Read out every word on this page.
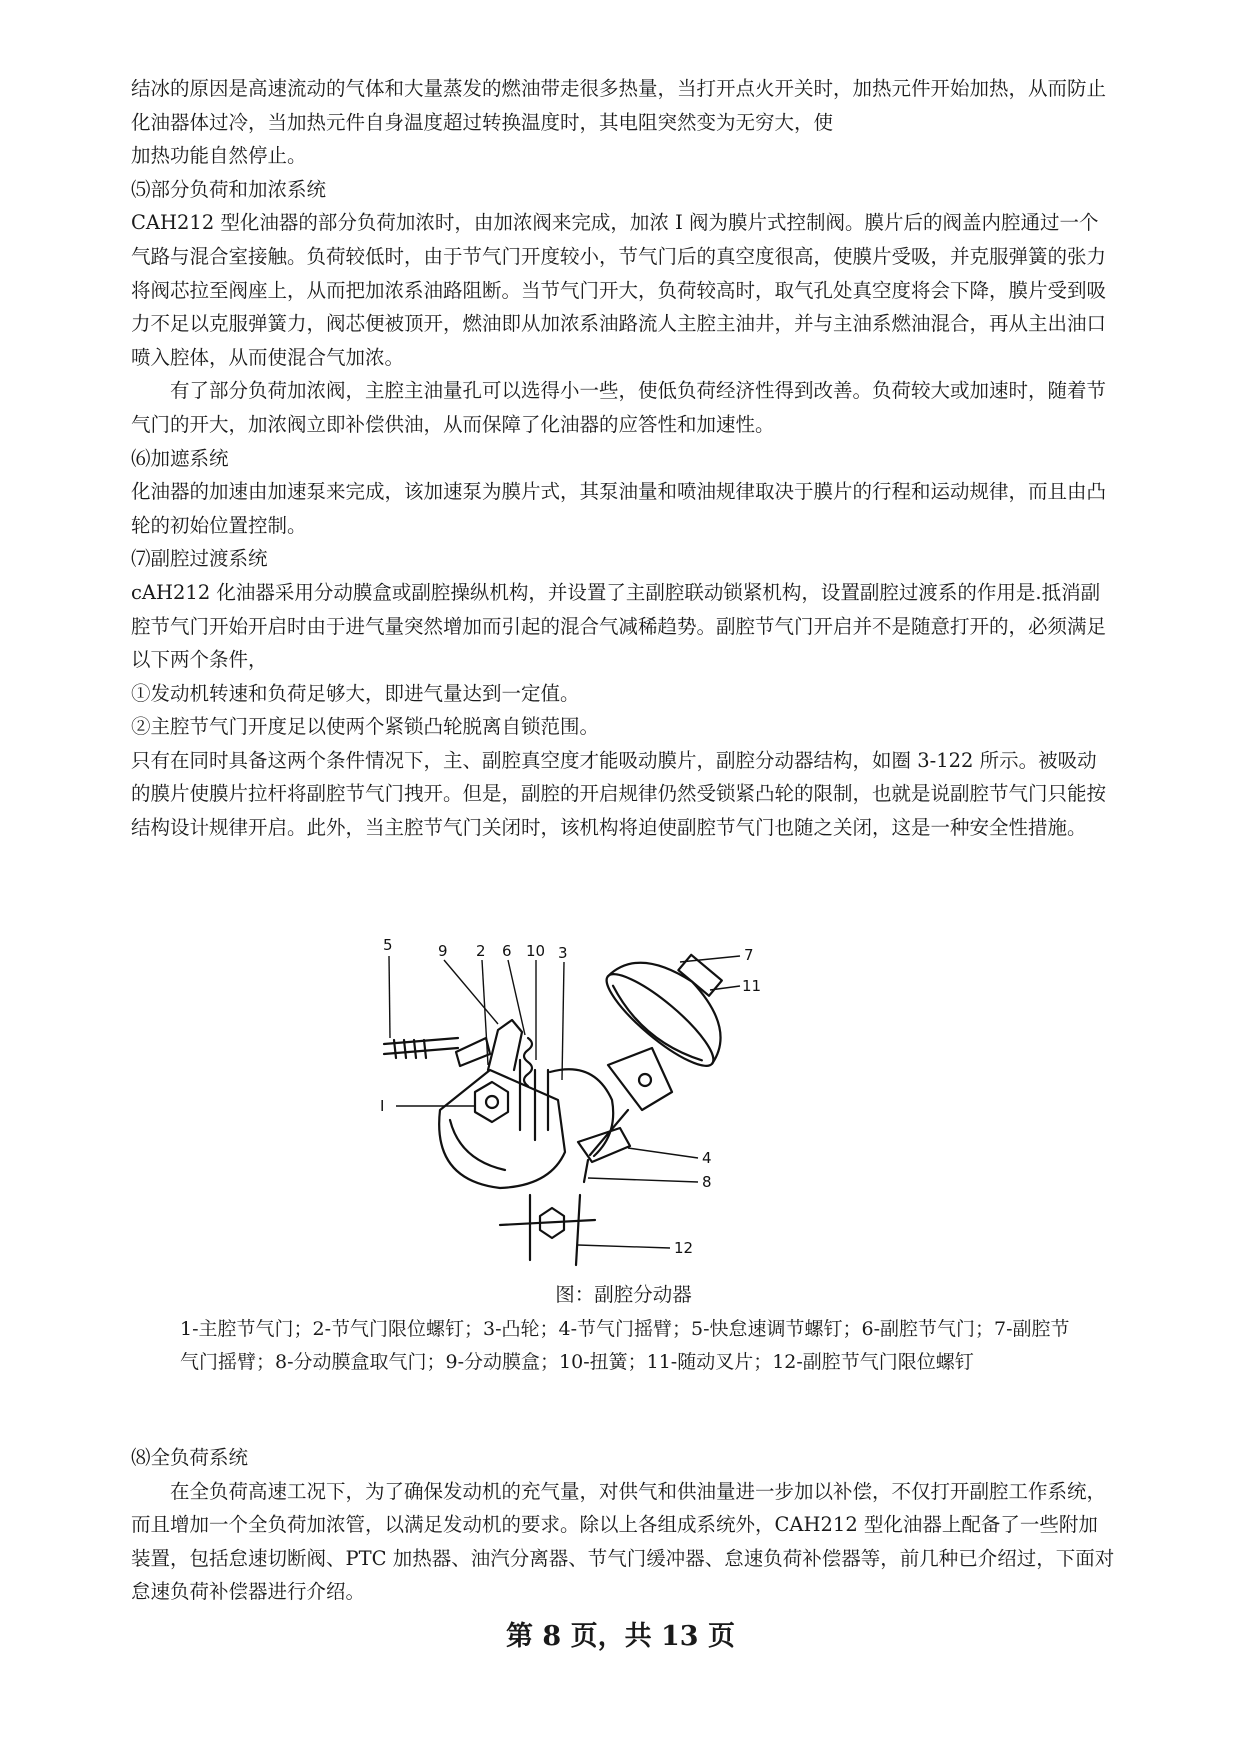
结冰的原因是高速流动的气体和大量蒸发的燃油带走很多热量，当打开点火开关时，加热元件开始加热，从而防止化油器体过冷，当加热元件自身温度超过转换温度时，其电阻突然变为无穷大，使

加热功能自然停止。

⑸部分负荷和加浓系统

CAH212 型化油器的部分负荷加浓时，由加浓阀来完成，加浓 I 阀为膜片式控制阀。膜片后的阀盖内腔通过一个气路与混合室接触。负荷较低时，由于节气门开度较小，节气门后的真空度很高，使膜片受吸，并克服弹簧的张力将阀芯拉至阀座上，从而把加浓系油路阻断。当节气门开大，负荷较高时，取气孔处真空度将会下降，膜片受到吸力不足以克服弹簧力，阀芯便被顶开，燃油即从加浓系油路流人主腔主油井，并与主油系燃油混合，再从主出油口喷入腔体，从而使混合气加浓。

有了部分负荷加浓阀，主腔主油量孔可以选得小一些，使低负荷经济性得到改善。负荷较大或加速时，随着节气门的开大，加浓阀立即补偿供油，从而保障了化油器的应答性和加速性。

⑹加遮系统

化油器的加速由加速泵来完成，该加速泵为膜片式，其泵油量和喷油规律取决于膜片的行程和运动规律，而且由凸轮的初始位置控制。

⑺副腔过渡系统

cAH212 化油器采用分动膜盒或副腔操纵机构，并设置了主副腔联动锁紧机构，设置副腔过渡系的作用是.抵消副腔节气门开始开启时由于进气量突然增加而引起的混合气减稀趋势。副腔节气门开启并不是随意打开的，必须满足以下两个条件，

①发动机转速和负荷足够大，即进气量达到一定值。

②主腔节气门开度足以使两个紧锁凸轮脱离自锁范围。

只有在同时具备这两个条件情况下，主、副腔真空度才能吸动膜片，副腔分动器结构，如圈 3-122 所示。被吸动的膜片使膜片拉杆将副腔节气门拽开。但是，副腔的开启规律仍然受锁紧凸轮的限制，也就是说副腔节气门只能按结构设计规律开启。此外，当主腔节气门关闭时，该机构将迫使副腔节气门也随之关闭，这是一种安全性措施。

5	9 2 6 10 3	7
11
I
4
8
12
图：副腔分动器
1-主腔节气门；2-节气门限位螺钉；3-凸轮；4-节气门摇臂；5-快怠速调节螺钉；6-副腔节气门；7-副腔节气门摇臂；8-分动膜盒取气门；9-分动膜盒；10-扭簧；11-随动叉片；12-副腔节气门限位螺钉

⑻全负荷系统

在全负荷高速工况下，为了确保发动机的充气量，对供气和供油量进一步加以补偿，不仅打开副腔工作系统，而且增加一个全负荷加浓管，以满足发动机的要求。除以上各组成系统外，CAH212 型化油器上配备了一些附加装置，包括怠速切断阀、PTC 加热器、油汽分离器、节气门缓冲器、怠速负荷补偿器等，前几种已介绍过，下面对怠速负荷补偿器进行介绍。

第 8 页，共 13 页
